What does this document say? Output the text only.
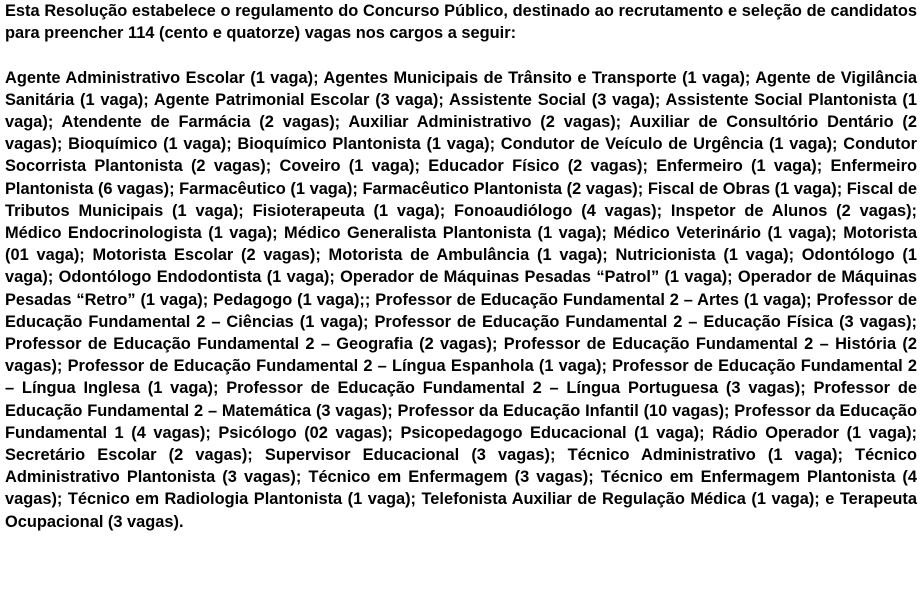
Esta Resolução estabelece o regulamento do Concurso Público, destinado ao recrutamento e seleção de candidatos para preencher 114 (cento e quatorze) vagas nos cargos a seguir:

Agente Administrativo Escolar (1 vaga); Agentes Municipais de Trânsito e Transporte (1 vaga); Agente de Vigilância Sanitária (1 vaga); Agente Patrimonial Escolar (3 vaga); Assistente Social (3 vaga); Assistente Social Plantonista (1 vaga); Atendente de Farmácia (2 vagas); Auxiliar Administrativo (2 vagas); Auxiliar de Consultório Dentário (2 vagas); Bioquímico (1 vaga); Bioquímico Plantonista (1 vaga); Condutor de Veículo de Urgência (1 vaga); Condutor Socorrista Plantonista (2 vagas); Coveiro (1 vaga); Educador Físico (2 vagas); Enfermeiro (1 vaga); Enfermeiro Plantonista (6 vagas); Farmacêutico (1 vaga); Farmacêutico Plantonista (2 vagas); Fiscal de Obras (1 vaga); Fiscal de Tributos Municipais (1 vaga); Fisioterapeuta (1 vaga); Fonoaudiólogo (4 vagas); Inspetor de Alunos (2 vagas); Médico Endocrinologista (1 vaga); Médico Generalista Plantonista (1 vaga); Médico Veterinário (1 vaga); Motorista (01 vaga); Motorista Escolar (2 vagas); Motorista de Ambulância (1 vaga); Nutricionista (1 vaga); Odontólogo (1 vaga); Odontólogo Endodontista (1 vaga); Operador de Máquinas Pesadas “Patrol” (1 vaga); Operador de Máquinas Pesadas “Retro” (1 vaga); Pedagogo (1 vaga);; Professor de Educação Fundamental 2 – Artes (1 vaga); Professor de Educação Fundamental 2 – Ciências (1 vaga); Professor de Educação Fundamental 2 – Educação Física (3 vagas); Professor de Educação Fundamental 2 – Geografia (2 vagas); Professor de Educação Fundamental 2 – História (2 vagas); Professor de Educação Fundamental 2 – Língua Espanhola (1 vaga); Professor de Educação Fundamental 2 – Língua Inglesa (1 vaga); Professor de Educação Fundamental 2 – Língua Portuguesa (3 vagas); Professor de Educação Fundamental 2 – Matemática (3 vagas); Professor da Educação Infantil (10 vagas); Professor da Educação Fundamental 1 (4 vagas); Psicólogo (02 vagas); Psicopedagogo Educacional (1 vaga); Rádio Operador (1 vaga); Secretário Escolar (2 vagas); Supervisor Educacional (3 vagas); Técnico Administrativo (1 vaga); Técnico Administrativo Plantonista (3 vagas); Técnico em Enfermagem (3 vagas); Técnico em Enfermagem Plantonista (4 vagas); Técnico em Radiologia Plantonista (1 vaga); Telefonista Auxiliar de Regulação Médica (1 vaga); e Terapeuta Ocupacional (3 vagas).
